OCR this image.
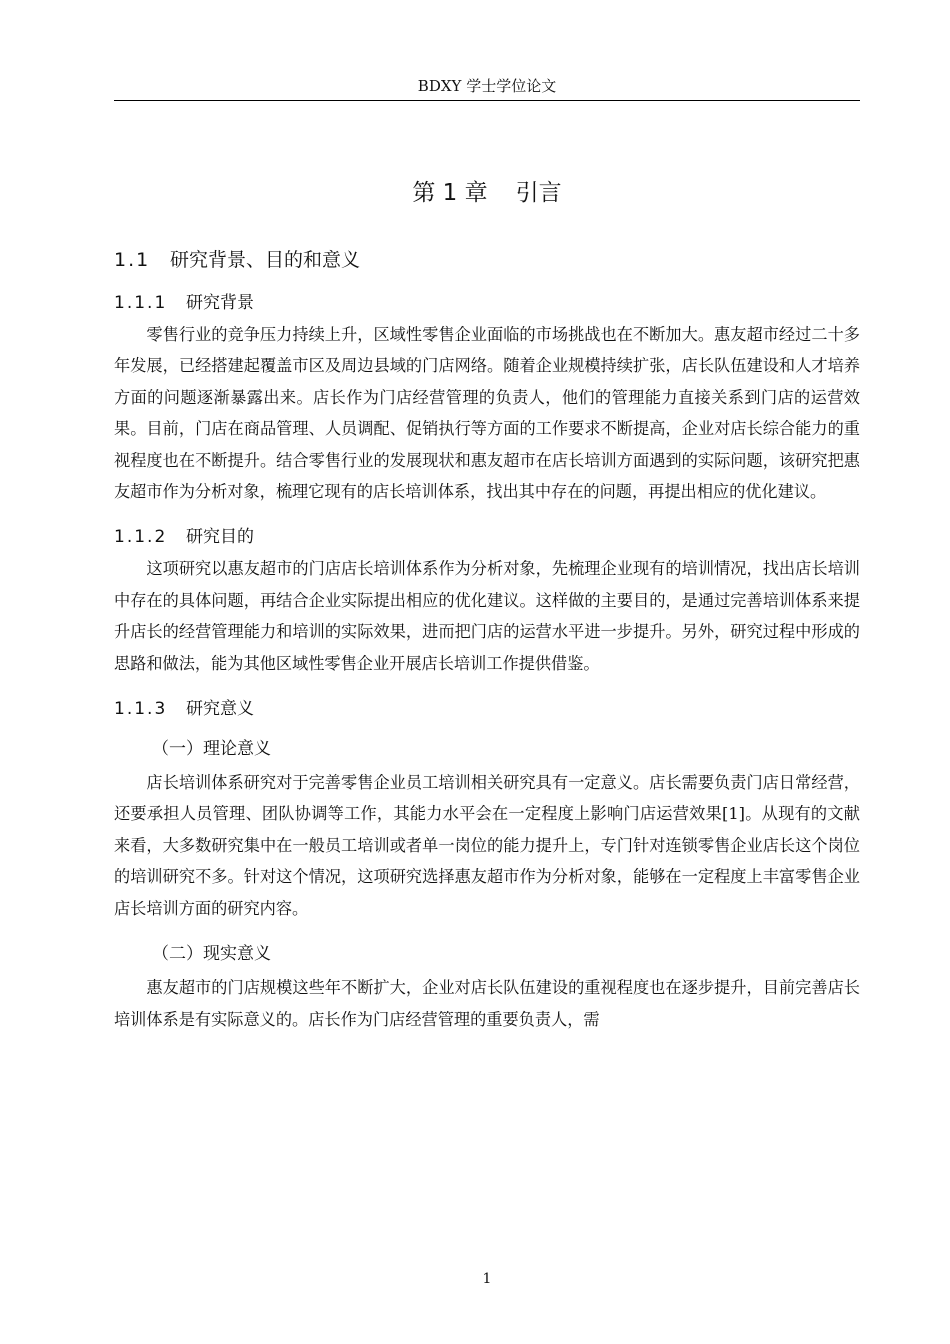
BDXY 学士学位论文
第 1 章 引言
1.1 研究背景、目的和意义
1.1.1 研究背景

零售行业的竞争压力持续上升，区域性零售企业面临的市场挑战也在不断加大。惠友超市经过二十多年发展，已经搭建起覆盖市区及周边县域的门店网络。随着企业规模持续扩张，店长队伍建设和人才培养方面的问题逐渐暴露出来。店长作为门店经营管理的负责人，他们的管理能力直接关系到门店的运营效果。目前，门店在商品管理、人员调配、促销执行等方面的工作要求不断提高，企业对店长综合能力的重视程度也在不断提升。结合零售行业的发展现状和惠友超市在店长培训方面遇到的实际问题，该研究把惠友超市作为分析对象，梳理它现有的店长培训体系，找出其中存在的问题，再提出相应的优化建议。

1.1.2 研究目的

这项研究以惠友超市的门店店长培训体系作为分析对象，先梳理企业现有的培训情况，找出店长培训中存在的具体问题，再结合企业实际提出相应的优化建议。这样做的主要目的，是通过完善培训体系来提升店长的经营管理能力和培训的实际效果，进而把门店的运营水平进一步提升。另外，研究过程中形成的思路和做法，能为其他区域性零售企业开展店长培训工作提供借鉴。

1.1.3 研究意义
（一）理论意义

店长培训体系研究对于完善零售企业员工培训相关研究具有一定意义。店长需要负责门店日常经营，还要承担人员管理、团队协调等工作，其能力水平会在一定程度上影响门店运营效果[1]。从现有的文献来看，大多数研究集中在一般员工培训或者单一岗位的能力提升上，专门针对连锁零售企业店长这个岗位的培训研究不多。针对这个情况，这项研究选择惠友超市作为分析对象，能够在一定程度上丰富零售企业店长培训方面的研究内容。

（二）现实意义

惠友超市的门店规模这些年不断扩大，企业对店长队伍建设的重视程度也在逐步提升，目前完善店长培训体系是有实际意义的。店长作为门店经营管理的重要负责人，需

1
